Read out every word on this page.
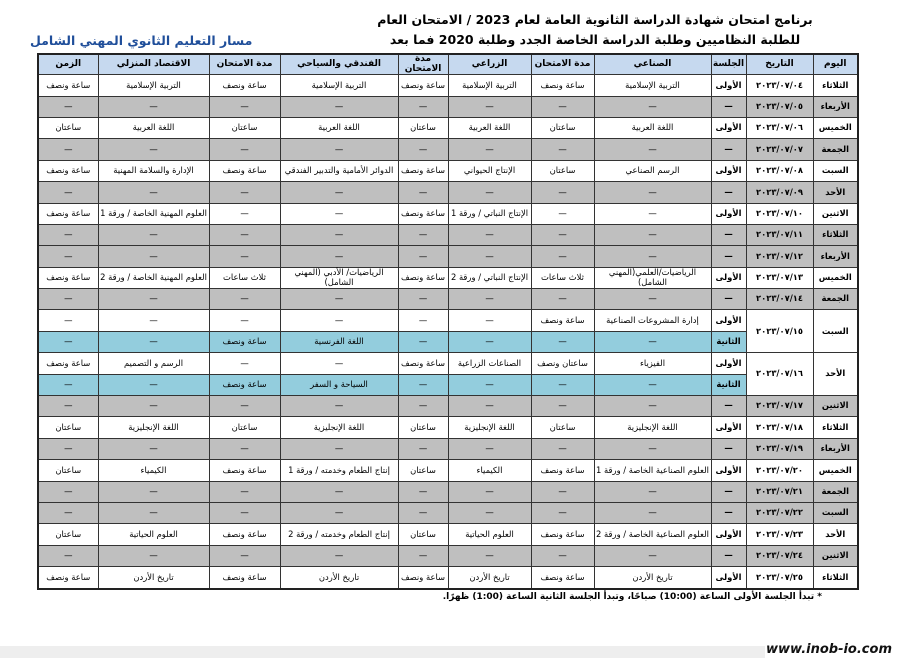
برنامج امتحان شهادة الدراسة الثانوية العامة لعام 2023 / الامتحان العام
للطلبة النظاميين وطلبة الدراسة الخاصة الجدد وطلبة 2020 فما بعد
مسار التعليم الثانوي المهني الشامل
اليوم	التاريخ	الجلسة	الصناعي	مدة الامتحان	الزراعي	مدة الامتحان	الفندقي والسياحي	مدة الامتحان	الاقتصاد المنزلي	الزمن
الثلاثاء	٢٠٢٣/٠٧/٠٤	الأولى	التربية الإسلامية	ساعة ونصف	التربية الإسلامية	ساعة ونصف	التربية الإسلامية	ساعة ونصف	التربية الإسلامية	ساعة ونصف
الأربعاء	٢٠٢٣/٠٧/٠٥	—	—	—	—	—	—	—	—	—
الخميس	٢٠٢٣/٠٧/٠٦	الأولى	اللغة العربية	ساعتان	اللغة العربية	ساعتان	اللغة العربية	ساعتان	اللغة العربية	ساعتان
الجمعة	٢٠٢٣/٠٧/٠٧	—	—	—	—	—	—	—	—	—
السبت	٢٠٢٣/٠٧/٠٨	الأولى	الرسم الصناعي	ساعتان	الإنتاج الحيواني	ساعة ونصف	الدوائر الأمامية والتدبير الفندقي	ساعة ونصف	الإدارة والسلامة المهنية	ساعة ونصف
الأحد	٢٠٢٣/٠٧/٠٩	—	—	—	—	—	—	—	—	—
الاثنين	٢٠٢٣/٠٧/١٠	الأولى	—	—	الإنتاج النباتي / ورقة 1	ساعة ونصف	—	—	العلوم المهنية الخاصة / ورقة 1	ساعة ونصف
الثلاثاء	٢٠٢٣/٠٧/١١	—	—	—	—	—	—	—	—	—
الأربعاء	٢٠٢٣/٠٧/١٢	—	—	—	—	—	—	—	—	—
الخميس	٢٠٢٣/٠٧/١٣	الأولى	الرياضيات/العلمي(المهني الشامل)	ثلاث ساعات	الإنتاج النباتي / ورقة 2	ساعة ونصف	الرياضيات/ الأدبي (المهني الشامل)	ثلاث ساعات	العلوم المهنية الخاصة / ورقة 2	ساعة ونصف
الجمعة	٢٠٢٣/٠٧/١٤	—	—	—	—	—	—	—	—	—
السبت	٢٠٢٣/٠٧/١٥	الأولى	إدارة المشروعات الصناعية	ساعة ونصف	—	—	—	—	—	—
		الثانية	—	—	—	—	اللغة الفرنسية	ساعة ونصف	—	—
الأحد	٢٠٢٣/٠٧/١٦	الأولى	الفيزياء	ساعتان ونصف	الصناعات الزراعية	ساعة ونصف	—	—	الرسم و التصميم	ساعة ونصف
		الثانية	—	—	—	—	السياحة و السفر	ساعة ونصف	—	—
الاثنين	٢٠٢٣/٠٧/١٧	—	—	—	—	—	—	—	—	—
الثلاثاء	٢٠٢٣/٠٧/١٨	الأولى	اللغة الإنجليزية	ساعتان	اللغة الإنجليزية	ساعتان	اللغة الإنجليزية	ساعتان	اللغة الإنجليزية	ساعتان
الأربعاء	٢٠٢٣/٠٧/١٩	—	—	—	—	—	—	—	—	—
الخميس	٢٠٢٣/٠٧/٢٠	الأولى	العلوم الصناعية الخاصة / ورقة 1	ساعة ونصف	الكيمياء	ساعتان	إنتاج الطعام وخدمته / ورقة 1	ساعة ونصف	الكيمياء	ساعتان
الجمعة	٢٠٢٣/٠٧/٢١	—	—	—	—	—	—	—	—	—
السبت	٢٠٢٣/٠٧/٢٢	—	—	—	—	—	—	—	—	—
الأحد	٢٠٢٣/٠٧/٢٣	الأولى	العلوم الصناعية الخاصة / ورقة 2	ساعة ونصف	العلوم الحياتية	ساعتان	إنتاج الطعام وخدمته / ورقة 2	ساعة ونصف	العلوم الحياتية	ساعتان
الاثنين	٢٠٢٣/٠٧/٢٤	—	—	—	—	—	—	—	—	—
الثلاثاء	٢٠٢٣/٠٧/٢٥	الأولى	تاريخ الأردن	ساعة ونصف	تاريخ الأردن	ساعة ونصف	تاريخ الأردن	ساعة ونصف	تاريخ الأردن	ساعة ونصف
* تبدأ الجلسة الأولى الساعة (10:00) صباحًا، وتبدأ الجلسة الثانية الساعة (1:00) ظهرًا.
www.inob-io.com
